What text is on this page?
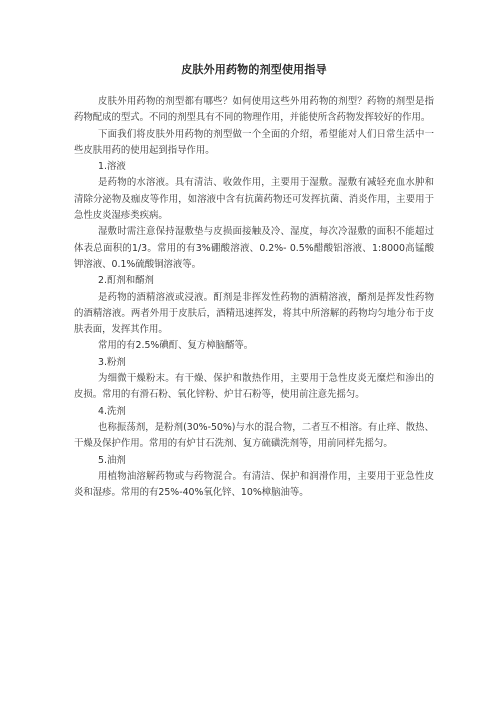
皮肤外用药物的剂型使用指导

皮肤外用药物的剂型都有哪些？如何使用这些外用药物的剂型？药物的剂型是指药物配成的型式。不同的剂型具有不同的物理作用，并能使所含药物发挥较好的作用。

下面我们将皮肤外用药物的剂型做一个全面的介绍，希望能对人们日常生活中一些皮肤用药的使用起到指导作用。

1.溶液

是药物的水溶液。具有清洁、收敛作用，主要用于湿敷。湿敷有减轻充血水肿和清除分泌物及痂皮等作用，如溶液中含有抗菌药物还可发挥抗菌、消炎作用，主要用于急性皮炎湿疹类疾病。

湿敷时需注意保持湿敷垫与皮损面接触及冷、湿度，每次冷湿敷的面积不能超过体表总面积的1/3。常用的有3%硼酸溶液、0.2%- 0.5%醋酸铝溶液、1:8000高锰酸钾溶液、0.1%硫酸铜溶液等。

2.酊剂和醑剂

是药物的酒精溶液或浸液。酊剂是非挥发性药物的酒精溶液，醑剂是挥发性药物的酒精溶液。两者外用于皮肤后，酒精迅速挥发，将其中所溶解的药物均匀地分布于皮肤表面，发挥其作用。

常用的有2.5%碘酊、复方樟脑醑等。

3.粉剂

为细微干燥粉末。有干燥、保护和散热作用，主要用于急性皮炎无糜烂和渗出的皮损。常用的有滑石粉、氧化锌粉、炉甘石粉等，使用前注意先摇匀。

4.洗剂

也称振荡剂，是粉剂(30%-50%)与水的混合物，二者互不相溶。有止痒、散热、干燥及保护作用。常用的有炉甘石洗剂、复方硫磺洗剂等，用前同样先摇匀。

5.油剂

用植物油溶解药物或与药物混合。有清洁、保护和润滑作用，主要用于亚急性皮炎和湿疹。常用的有25%-40%氧化锌、10%樟脑油等。
